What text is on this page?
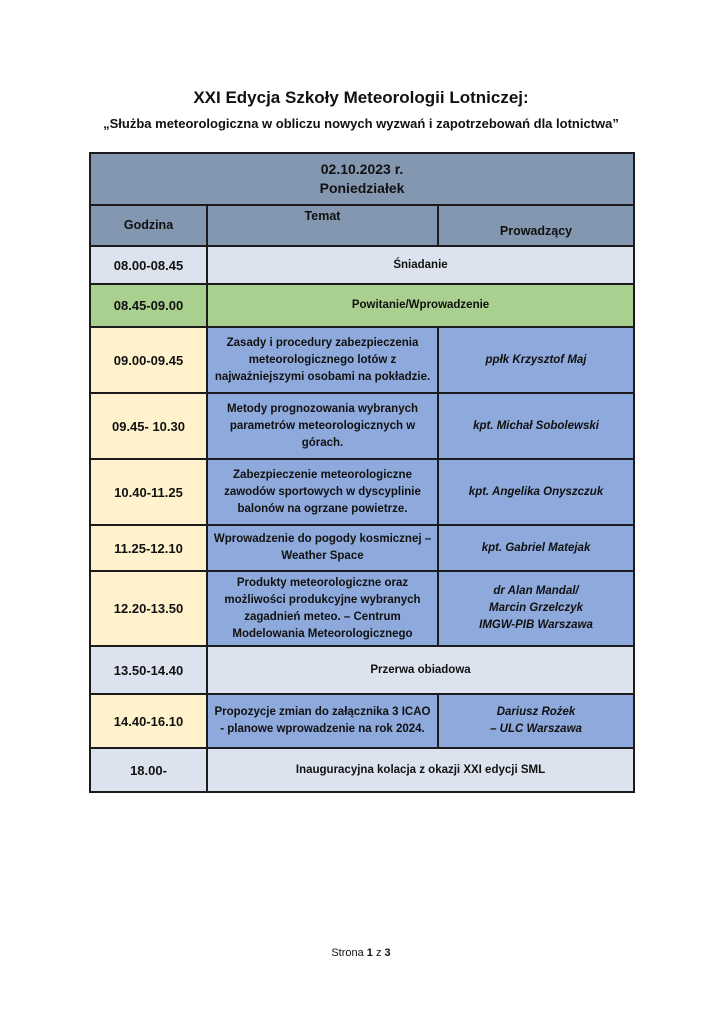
XXI Edycja Szkoły Meteorologii Lotniczej:
„Służba meteorologiczna w obliczu nowych wyzwań i zapotrzebowań dla lotnictwa”
02.10.2023 r.
Poniedziałek		

Godzina	Temat	Prowadzący
08.00-08.45	Śniadanie	
08.45-09.00	Powitanie/Wprowadzenie	
09.00-09.45	Zasady i procedury zabezpieczenia meteorologicznego lotów z najważniejszymi osobami na pokładzie.	ppłk Krzysztof Maj
09.45- 10.30	Metody prognozowania wybranych parametrów meteorologicznych w górach.	kpt. Michał Sobolewski
10.40-11.25	Zabezpieczenie meteorologiczne zawodów sportowych w dyscyplinie balonów na ogrzane powietrze.	kpt. Angelika Onyszczuk
11.25-12.10	Wprowadzenie do pogody kosmicznej – Weather Space	kpt. Gabriel Matejak
12.20-13.50	Produkty meteorologiczne oraz możliwości produkcyjne wybranych zagadnień meteo. – Centrum Modelowania Meteorologicznego	dr Alan Mandal/
Marcin Grzelczyk
IMGW-PIB Warszawa

13.50-14.40	Przerwa obiadowa	
14.40-16.10	Propozycje zmian do załącznika 3 ICAO - planowe wprowadzenie na rok 2024.	Dariusz Rożek
– ULC Warszawa

18.00-	Inauguracyjna kolacja z okazji XXI edycji SML	
Strona 1 z 3
